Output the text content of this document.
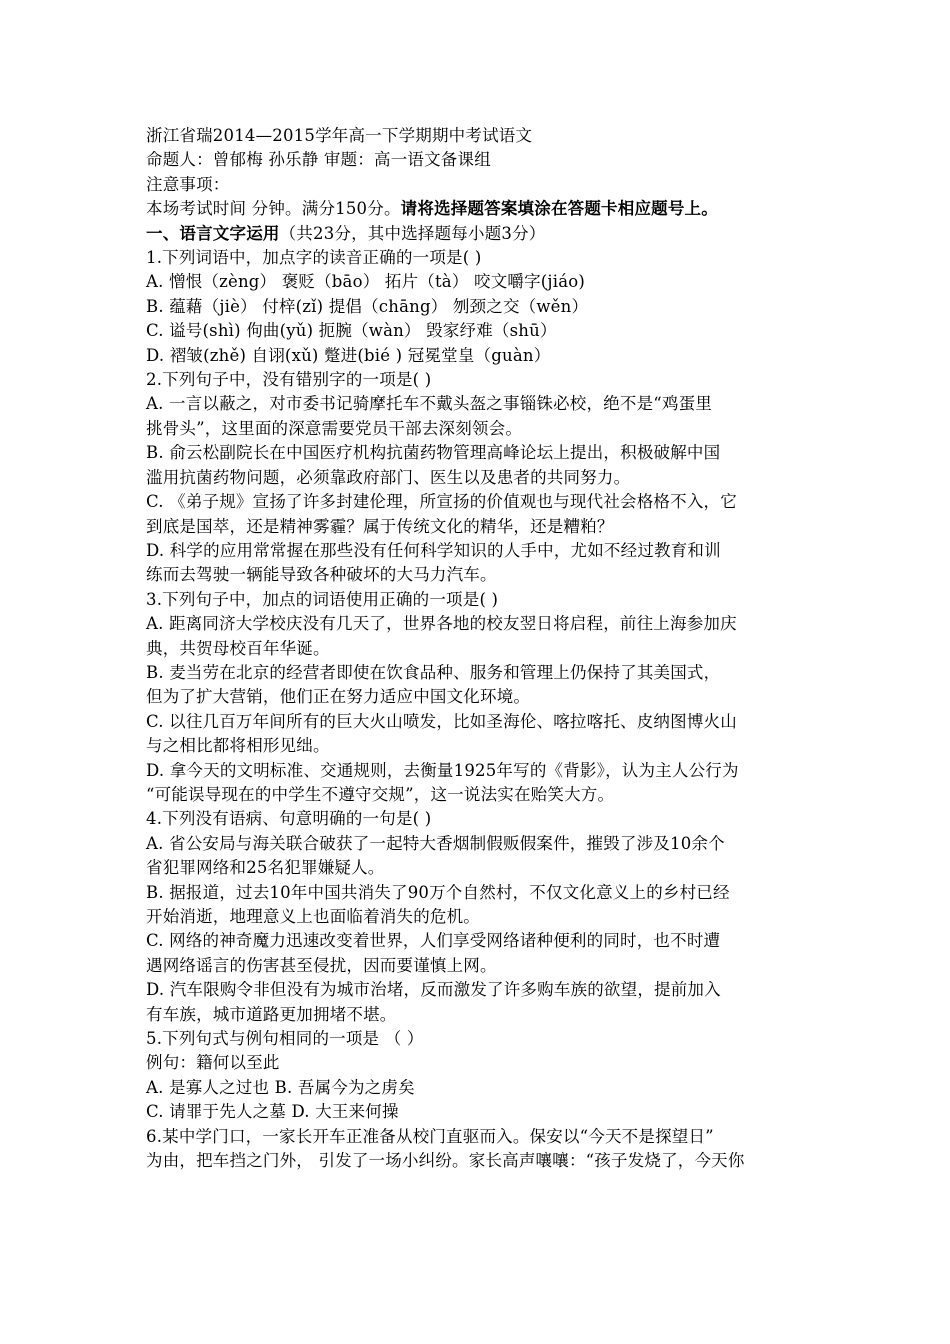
浙江省瑞2014—2015学年高一下学期期中考试语文
命题人：曾郁梅 孙乐静 审题：高一语文备课组
注意事项：
本场考试时间 分钟。满分150分。请将选择题答案填涂在答题卡相应题号上。
一、语言文字运用（共23分，其中选择题每小题3分）
1.下列词语中，加点字的读音正确的一项是( )
A. 憎恨（zèng） 褒贬（bāo） 拓片（tà） 咬文嚼字(jiáo)
B. 蕴藉（jiè） 付梓(zǐ) 提倡（chāng） 刎颈之交（wěn）
C. 谥号(shì) 佝曲(yǔ) 扼腕（wàn） 毁家纾难（shū）
D. 褶皱(zhě) 自诩(xǔ) 蹩进(bié ) 冠冕堂皇（guàn）
2.下列句子中，没有错别字的一项是( )
A. 一言以蔽之，对市委书记骑摩托车不戴头盔之事锱铢必校，绝不是“鸡蛋里
挑骨头”，这里面的深意需要党员干部去深刻领会。
B. 俞云松副院长在中国医疗机构抗菌药物管理高峰论坛上提出，积极破解中国
滥用抗菌药物问题，必须靠政府部门、医生以及患者的共同努力。
C. 《弟子规》宣扬了许多封建伦理，所宣扬的价值观也与现代社会格格不入，它
到底是国萃，还是精神雾霾？属于传统文化的精华，还是糟粕？
D. 科学的应用常常握在那些没有任何科学知识的人手中，尤如不经过教育和训
练而去驾驶一辆能导致各种破坏的大马力汽车。
3.下列句子中，加点的词语使用正确的一项是( )
A. 距离同济大学校庆没有几天了，世界各地的校友翌日将启程，前往上海参加庆
典，共贺母校百年华诞。
B. 麦当劳在北京的经营者即使在饮食品种、服务和管理上仍保持了其美国式，
但为了扩大营销，他们正在努力适应中国文化环境。
C. 以往几百万年间所有的巨大火山喷发，比如圣海伦、喀拉喀托、皮纳图博火山
与之相比都将相形见绌。
D. 拿今天的文明标准、交通规则，去衡量1925年写的《背影》，认为主人公行为
“可能误导现在的中学生不遵守交规”，这一说法实在贻笑大方。
4.下列没有语病、句意明确的一句是( )
A. 省公安局与海关联合破获了一起特大香烟制假贩假案件，摧毁了涉及10余个
省犯罪网络和25名犯罪嫌疑人。
B. 据报道，过去10年中国共消失了90万个自然村，不仅文化意义上的乡村已经
开始消逝，地理意义上也面临着消失的危机。
C. 网络的神奇魔力迅速改变着世界，人们享受网络诸种便利的同时，也不时遭
遇网络谣言的伤害甚至侵扰，因而要谨慎上网。
D. 汽车限购令非但没有为城市治堵，反而激发了许多购车族的欲望，提前加入
有车族，城市道路更加拥堵不堪。
5.下列句式与例句相同的一项是 （ ）
例句：籍何以至此
A. 是寡人之过也 B. 吾属今为之虏矣
C. 请罪于先人之墓 D. 大王来何操
6.某中学门口，一家长开车正准备从校门直驱而入。保安以“今天不是探望日”
为由，把车挡之门外， 引发了一场小纠纷。家长高声嚷嚷：“孩子发烧了，今天你
